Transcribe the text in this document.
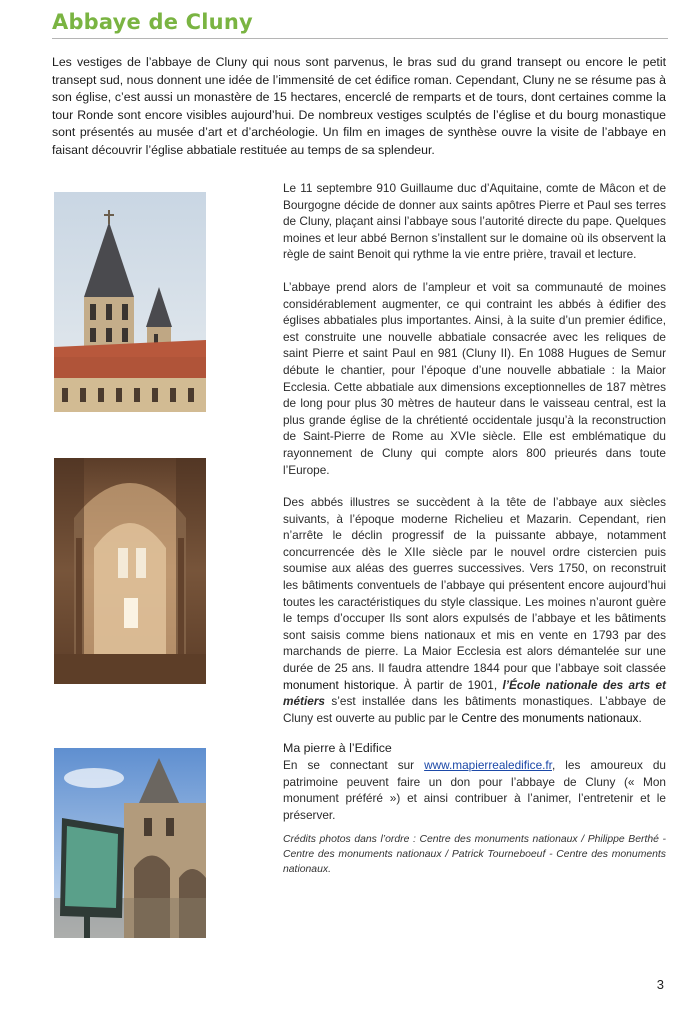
Abbaye de Cluny

Les vestiges de l’abbaye de Cluny qui nous sont parvenus, le bras sud du grand transept ou encore le petit transept sud, nous donnent une idée de l’immensité de cet édifice roman. Cependant, Cluny ne se résume pas à son église, c’est aussi un monastère de 15 hectares, encerclé de remparts et de tours, dont certaines comme la tour Ronde sont encore visibles aujourd’hui. De nombreux vestiges sculptés de l’église et du bourg monastique sont présentés au musée d’art et d’archéologie. Un film en images de synthèse ouvre la visite de l’abbaye en faisant découvrir l’église abbatiale restituée au temps de sa splendeur.

Le 11 septembre 910 Guillaume duc d’Aquitaine, comte de Mâcon et de Bourgogne décide de donner aux saints apôtres Pierre et Paul ses terres de Cluny, plaçant ainsi l’abbaye sous l’autorité directe du pape. Quelques moines et leur abbé Bernon s’installent sur le domaine où ils observent la règle de saint Benoit qui rythme la vie entre prière, travail et lecture.

L’abbaye prend alors de l’ampleur et voit sa communauté de moines considérablement augmenter, ce qui contraint les abbés à édifier des églises abbatiales plus importantes. Ainsi, à la suite d’un premier édifice, est construite une nouvelle abbatiale consacrée avec les reliques de saint Pierre et saint Paul en 981 (Cluny II). En 1088 Hugues de Semur débute le chantier, pour l’époque d’une nouvelle abbatiale : la Maior Ecclesia. Cette abbatiale aux dimensions exceptionnelles de 187 mètres de long pour plus 30 mètres de hauteur dans le vaisseau central, est la plus grande église de la chrétienté occidentale jusqu’à la reconstruction de Saint-Pierre de Rome au XVIe siècle. Elle est emblématique du rayonnement de Cluny qui compte alors 800 prieurés dans toute l’Europe.

Des abbés illustres se succèdent à la tête de l’abbaye aux siècles suivants, à l’époque moderne Richelieu et Mazarin. Cependant, rien n’arrête le déclin progressif de la puissante abbaye, notamment concurrencée dès le XIIe siècle par le nouvel ordre cistercien puis soumise aux aléas des guerres successives. Vers 1750, on reconstruit les bâtiments conventuels de l’abbaye qui présentent encore aujourd’hui toutes les caractéristiques du style classique. Les moines n’auront guère le temps d’occuper Ils sont alors expulsés de l’abbaye et les bâtiments sont saisis comme biens nationaux et mis en vente en 1793 par des marchands de pierre. La Maior Ecclesia est alors démantelée sur une durée de 25 ans. Il faudra attendre 1844 pour que l’abbaye soit classée monument historique. À partir de 1901, l’École nationale des arts et métiers s’est installée dans les bâtiments monastiques. L’abbaye de Cluny est ouverte au public par le Centre des monuments nationaux.

Ma pierre à l’Edifice

En se connectant sur www.mapierrealedifice.fr, les amoureux du patrimoine peuvent faire un don pour l’abbaye de Cluny (« Mon monument préféré ») et ainsi contribuer à l’animer, l’entretenir et le préserver.

Crédits photos dans l’ordre : Centre des monuments nationaux / Philippe Berthé - Centre des monuments nationaux / Patrick Tourneboeuf - Centre des monuments nationaux.

3
